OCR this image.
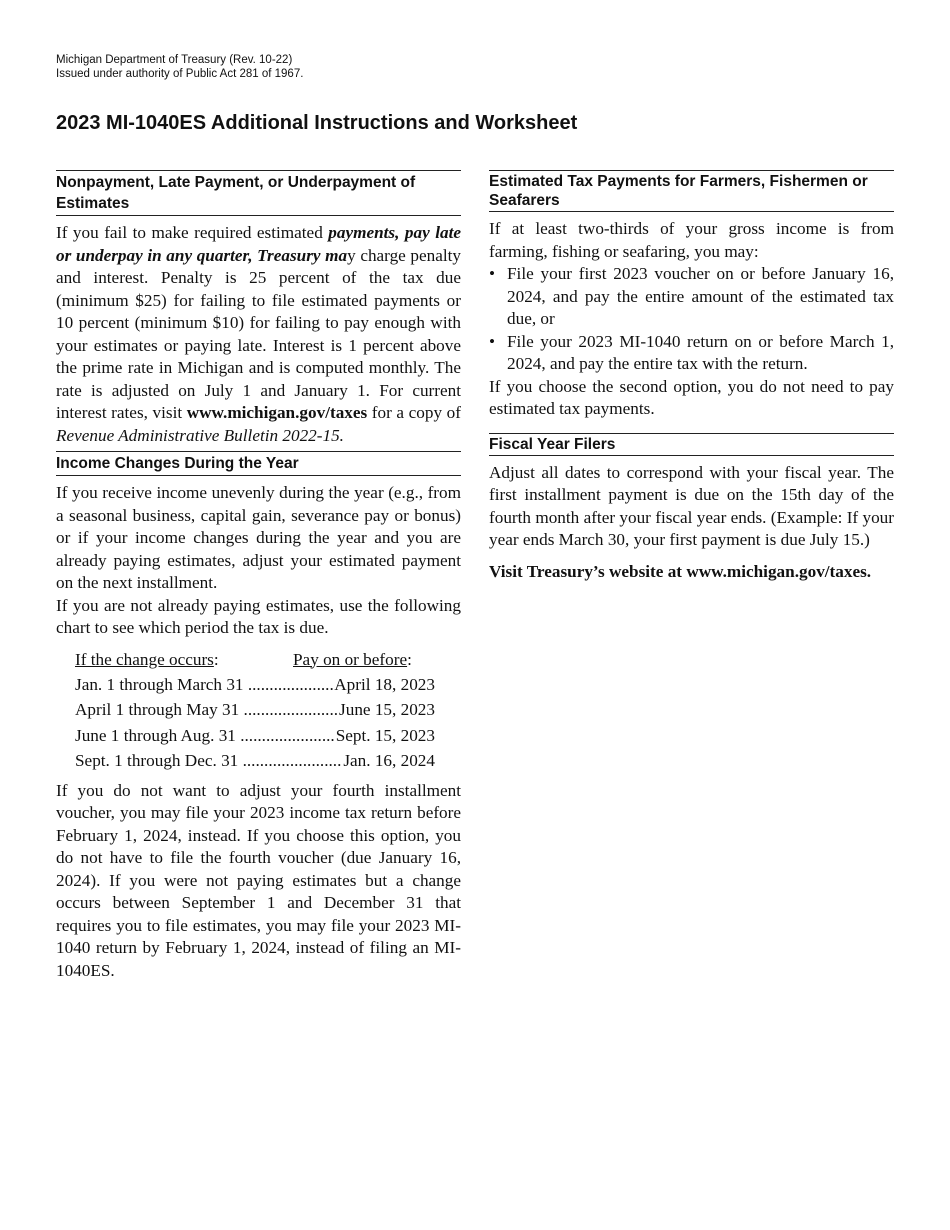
Michigan Department of Treasury (Rev. 10-22)
Issued under authority of Public Act 281 of 1967.
2023 MI-1040ES Additional Instructions and Worksheet
Nonpayment, Late Payment, or Underpayment of Estimates

If you fail to make required estimated payments, pay late or underpay in any quarter, Treasury may charge penalty and interest. Penalty is 25 percent of the tax due (minimum $25) for failing to file estimated payments or 10 percent (minimum $10) for failing to pay enough with your estimates or paying late. Interest is 1 percent above the prime rate in Michigan and is computed monthly. The rate is adjusted on July 1 and January 1. For current interest rates, visit www.michigan.gov/taxes for a copy of Revenue Administrative Bulletin 2022-15.

Income Changes During the Year

If you receive income unevenly during the year (e.g., from a seasonal business, capital gain, severance pay or bonus) or if your income changes during the year and you are already paying estimates, adjust your estimated payment on the next installment.

If you are not already paying estimates, use the following chart to see which period the tax is due.

If the change occurs:	Pay on or before:
Jan. 1 through March 31 .....	April 18, 2023
April 1 through May 31 .....	June 15, 2023
June 1 through Aug. 31 .....	Sept. 15, 2023
Sept. 1 through Dec. 31 .....	Jan. 16, 2024

If you do not want to adjust your fourth installment voucher, you may file your 2023 income tax return before February 1, 2024, instead. If you choose this option, you do not have to file the fourth voucher (due January 16, 2024). If you were not paying estimates but a change occurs between September 1 and December 31 that requires you to file estimates, you may file your 2023 MI-1040 return by February 1, 2024, instead of filing an MI-1040ES.

Estimated Tax Payments for Farmers, Fishermen or Seafarers

If at least two-thirds of your gross income is from farming, fishing or seafaring, you may:

• File your first 2023 voucher on or before January 16, 2024, and pay the entire amount of the estimated tax due, or
• File your 2023 MI-1040 return on or before March 1, 2024, and pay the entire tax with the return.

If you choose the second option, you do not need to pay estimated tax payments.

Fiscal Year Filers

Adjust all dates to correspond with your fiscal year. The first installment payment is due on the 15th day of the fourth month after your fiscal year ends. (Example: If your year ends March 30, your first payment is due July 15.)

Visit Treasury’s website at www.michigan.gov/taxes.
